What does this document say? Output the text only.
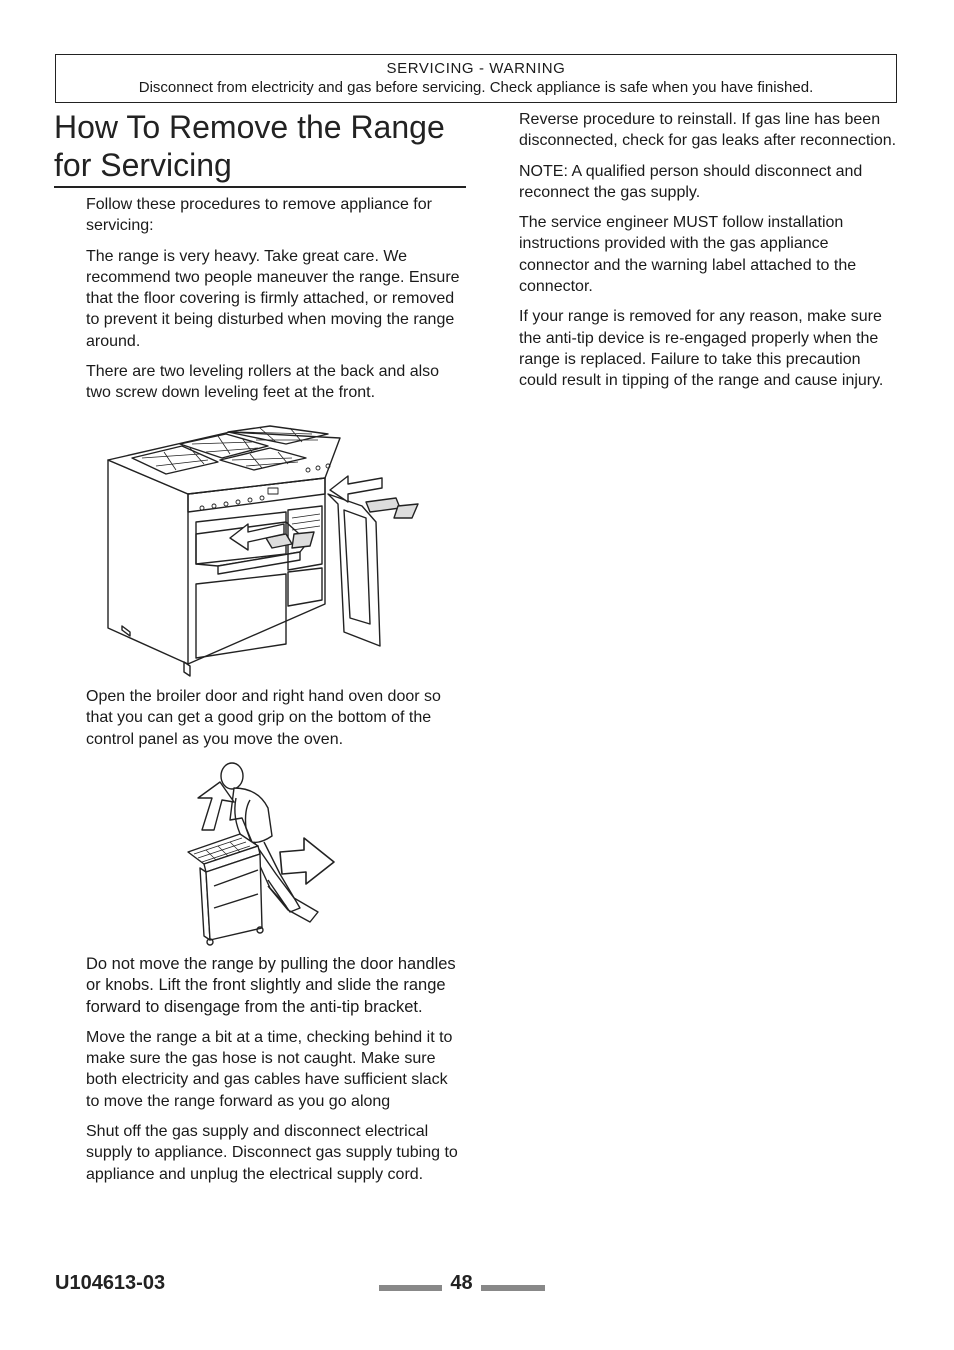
SERVICING - WARNING
Disconnect from electricity and gas before servicing. Check appliance is safe when you have finished.
How To Remove the Range
for Servicing

Follow these procedures to remove appliance for servicing:

The range is very heavy. Take great care. We recommend two people maneuver the range. Ensure that the floor covering is firmly attached, or removed to prevent it being disturbed when moving the range around.

There are two leveling rollers at the back and also two screw down leveling feet at the front.

Open the broiler door and right hand oven door so that you can get a good grip on the bottom of the control panel as you move the oven.

Do not move the range by pulling the door handles or knobs. Lift the front slightly and slide the range forward to disengage from the anti-tip bracket.

Move the range a bit at a time, checking behind it to make sure the gas hose is not caught. Make sure both electricity and gas cables have sufficient slack to move the range forward as you go along

Shut off the gas supply and disconnect electrical supply to appliance. Disconnect gas supply tubing to appliance and unplug the electrical supply cord.

Reverse procedure to reinstall. If gas line has been disconnected, check for gas leaks after reconnection.

NOTE: A qualified person should disconnect and reconnect the gas supply.

The service engineer MUST follow installation instructions provided with the gas appliance connector and the warning label attached to the connector.

If your range is removed for any reason, make sure the anti-tip device is re-engaged properly when the range is replaced. Failure to take this precaution could result in tipping of the range and cause injury.

U104613-03	48
